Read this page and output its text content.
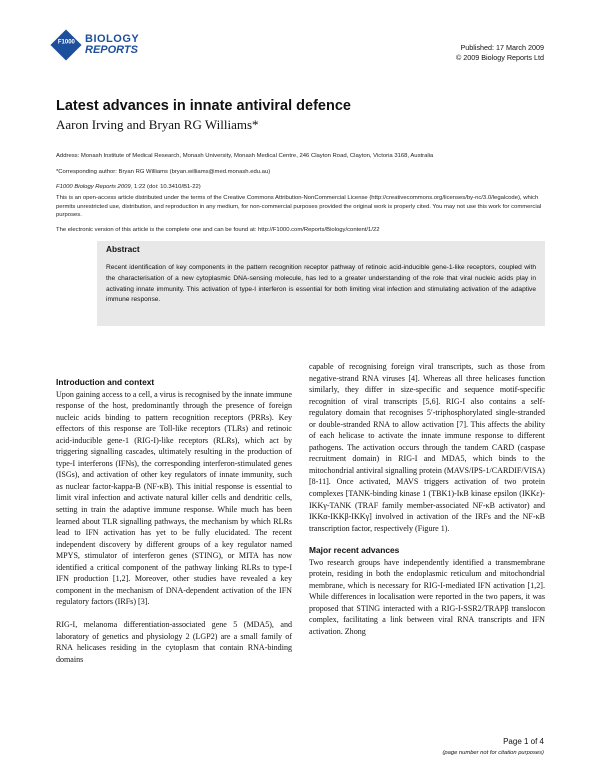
F1000 BIOLOGY
REPORTS	Published: 17 March 2009
© 2009 Biology Reports Ltd
Latest advances in innate antiviral defence
Aaron Irving and Bryan RG Williams*
Address: Monash Institute of Medical Research, Monash University, Monash Medical Centre, 246 Clayton Road, Clayton, Victoria 3168, Australia
*Corresponding author: Bryan RG Williams (bryan.williams@med.monash.edu.au)
F1000 Biology Reports 2009, 1:22 (doi: 10.3410/B1-22)
This is an open-access article distributed under the terms of the Creative Commons Attribution-NonCommercial License (http://creativecommons.org/licenses/by-nc/3.0/legalcode), which permits unrestricted use, distribution, and reproduction in any medium, for non-commercial purposes provided the original work is properly cited. You may not use this work for commercial purposes.
The electronic version of this article is the complete one and can be found at: http://F1000.com/Reports/Biology/content/1/22
Abstract
Recent identification of key components in the pattern recognition receptor pathway of retinoic acid-inducible gene-1-like receptors, coupled with the characterisation of a new cytoplasmic DNA-sensing molecule, has led to a greater understanding of the role that viral nucleic acids play in activating innate immunity. This activation of type-I interferon is essential for both limiting viral infection and stimulating activation of the adaptive immune response.
Introduction and context

Upon gaining access to a cell, a virus is recognised by the innate immune response of the host, predominantly through the presence of foreign nucleic acids binding to pattern recognition receptors (PRRs). Key effectors of this response are Toll-like receptors (TLRs) and retinoic acid-inducible gene-1 (RIG-I)-like receptors (RLRs), which act by triggering signalling cascades, ultimately resulting in the production of type-I interferons (IFNs), the corresponding interferon-stimulated genes (ISGs), and activation of other key regulators of innate immunity, such as nuclear factor-kappa-B (NF-κB). This initial response is essential to limit viral infection and activate natural killer cells and dendritic cells, setting in train the adaptive immune response. While much has been learned about TLR signalling pathways, the mechanism by which RLRs lead to IFN activation has yet to be fully elucidated. The recent independent discovery by different groups of a key regulator named MPYS, stimulator of interferon genes (STING), or MITA has now identified a critical component of the pathway linking RLRs to type-I IFN production [1,2]. Moreover, other studies have revealed a key component in the mechanism of DNA-dependent activation of the IFN regulatory factors (IRFs) [3].

RIG-I, melanoma differentiation-associated gene 5 (MDA5), and laboratory of genetics and physiology 2 (LGP2) are a small family of RNA helicases residing in the cytoplasm that contain RNA-binding domains

capable of recognising foreign viral transcripts, such as those from negative-strand RNA viruses [4]. Whereas all three helicases function similarly, they differ in size-specific and sequence motif-specific recognition of viral transcripts [5,6]. RIG-I also contains a self-regulatory domain that recognises 5′-triphosphorylated single-stranded or double-stranded RNA to allow activation [7]. This affects the ability of each helicase to activate the innate immune response to different pathogens. The activation occurs through the tandem CARD (caspase recruitment domain) in RIG-I and MDA5, which binds to the mitochondrial antiviral signalling protein (MAVS/IPS-1/CARDIF/VISA) [8-11]. Once activated, MAVS triggers activation of two protein complexes [TANK-binding kinase 1 (TBK1)-IκB kinase epsilon (IKKε)-IKKγ-TANK (TRAF family member-associated NF-κB activator) and IKKα-IKKβ-IKKγ] involved in activation of the IRFs and the NF-κB transcription factor, respectively (Figure 1).

Major recent advances

Two research groups have independently identified a transmembrane protein, residing in both the endoplasmic reticulum and mitochondrial membrane, which is necessary for RIG-I-mediated IFN activation [1,2]. While differences in localisation were reported in the two papers, it was proposed that STING interacted with a RIG-I-SSR2/TRAPβ translocon complex, facilitating a link between viral RNA transcripts and IFN activation. Zhong

Page 1 of 4
(page number not for citation purposes)
